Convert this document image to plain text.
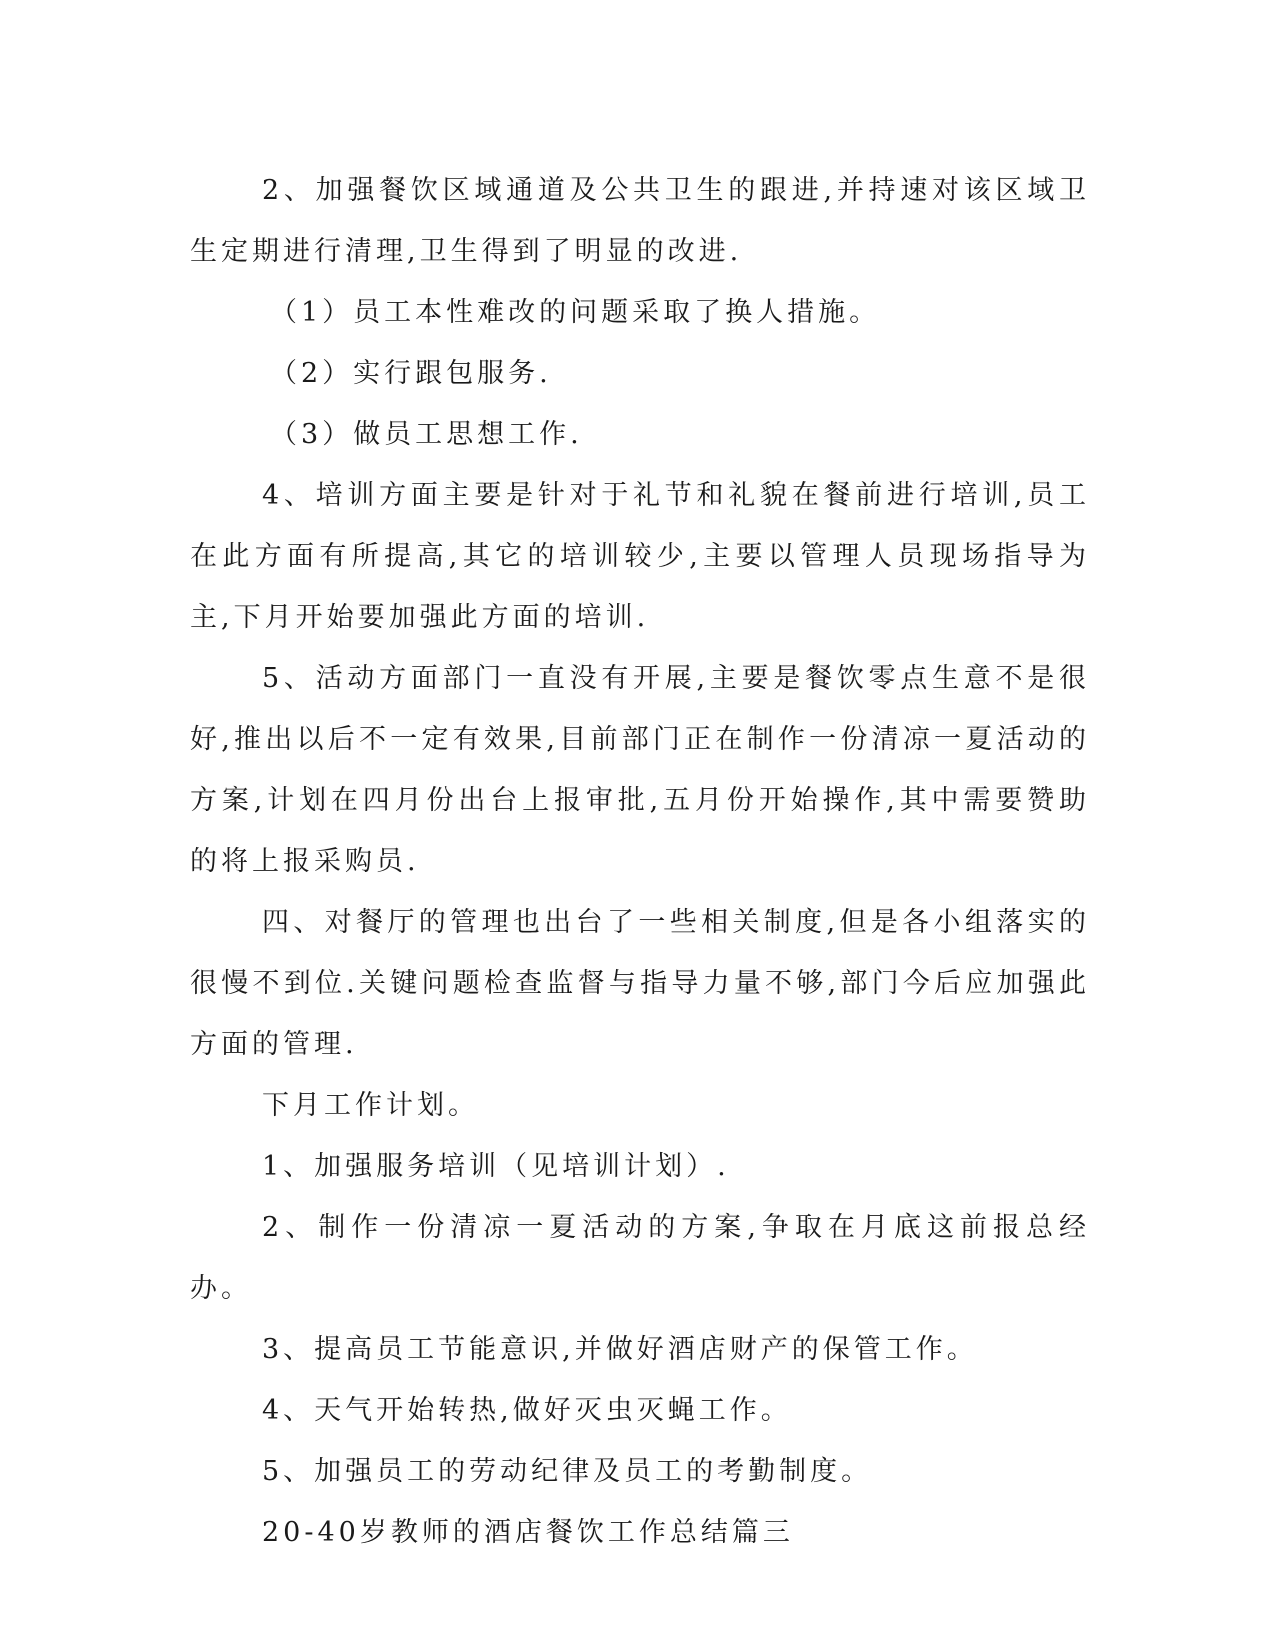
2、加强餐饮区域通道及公共卫生的跟进,并持速对该区域卫生定期进行清理,卫生得到了明显的改进.

（1）员工本性难改的问题采取了换人措施。

（2）实行跟包服务.

（3）做员工思想工作.

4、培训方面主要是针对于礼节和礼貌在餐前进行培训,员工在此方面有所提高,其它的培训较少,主要以管理人员现场指导为主,下月开始要加强此方面的培训.

5、活动方面部门一直没有开展,主要是餐饮零点生意不是很好,推出以后不一定有效果,目前部门正在制作一份清凉一夏活动的方案,计划在四月份出台上报审批,五月份开始操作,其中需要赞助的将上报采购员.

四、对餐厅的管理也出台了一些相关制度,但是各小组落实的很慢不到位.关键问题检查监督与指导力量不够,部门今后应加强此方面的管理.

下月工作计划。

1、加强服务培训（见培训计划）.

2、制作一份清凉一夏活动的方案,争取在月底这前报总经办。

3、提高员工节能意识,并做好酒店财产的保管工作。

4、天气开始转热,做好灭虫灭蝇工作。

5、加强员工的劳动纪律及员工的考勤制度。

20-40岁教师的酒店餐饮工作总结篇三
